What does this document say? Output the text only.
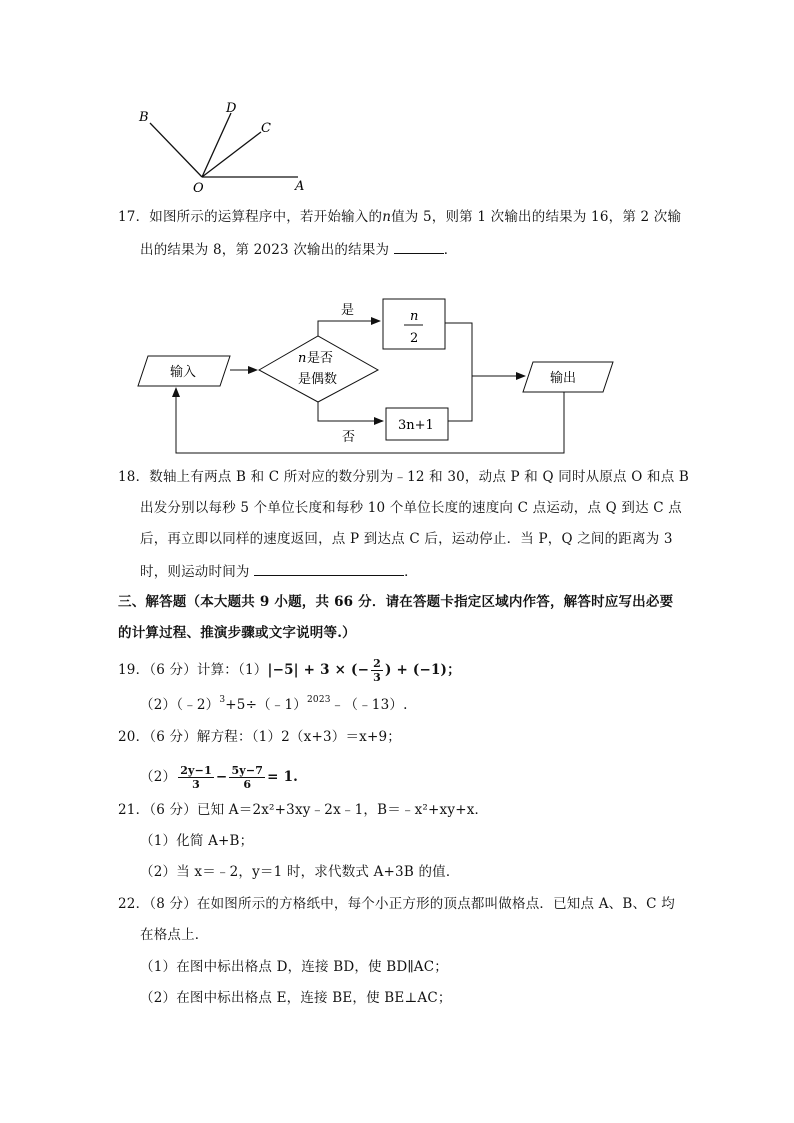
B
D
C
O	A
17．如图所示的运算程序中，若开始输入的n值为 5，则第 1 次输出的结果为 16，第 2 次输
出的结果为 8，第 2023 次输出的结果为	．
输入
n 是否
是偶数
是	n
2
否
3n+1
输出
18．数轴上有两点 B 和 C 所对应的数分别为﹣12 和 30，动点 P 和 Q 同时从原点 O 和点 B
出发分别以每秒 5 个单位长度和每秒 10 个单位长度的速度向 C 点运动，点 Q 到达 C 点
后，再立即以同样的速度返回，点 P 到达点 C 后，运动停止．当 P，Q 之间的距离为 3
时，则运动时间为	．
三、解答题（本大题共 9 小题，共 66 分．请在答题卡指定区域内作答，解答时应写出必要
的计算过程、推演步骤或文字说明等.）
19．（6 分）计算：（1）|−5| + 3 × (− $\frac{2}{3}$ ) + (−1)；
（2）（﹣2）$^3$+5÷（﹣1）$^{2023}$﹣（﹣13）.
20．（6 分）解方程：（1）2（x+3）＝x+9；
$(2) \frac{2y-1}{3} - \frac{5y-7}{6} = 1$.
21．（6 分）已知 A＝2x²+3xy﹣2x﹣1，B＝﹣x²+xy+x．
（1）化简 A+B；
（2）当 x＝﹣2，y＝1 时，求代数式 A+3B 的值．
22．（8 分）在如图所示的方格纸中，每个小正方形的顶点都叫做格点．已知点 A、B、C 均
在格点上．
（1）在图中标出格点 D，连接 BD，使 BD∥AC；
（2）在图中标出格点 E，连接 BE，使 BE⊥AC；
